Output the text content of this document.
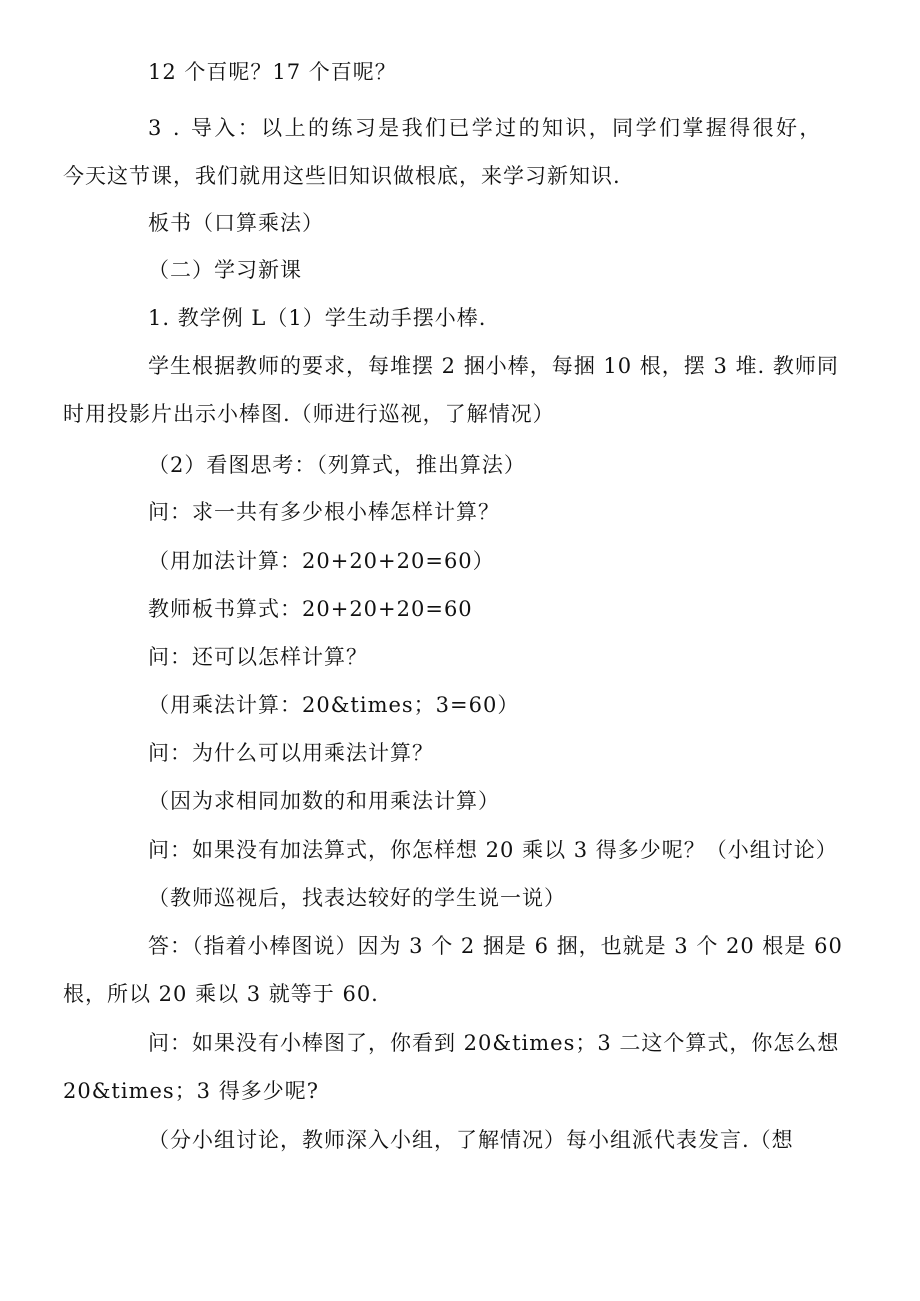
12 个百呢？17 个百呢？
3 . 导入：以上的练习是我们已学过的知识，同学们掌握得很好，
今天这节课，我们就用这些旧知识做根底，来学习新知识.
板书（口算乘法）
（二）学习新课
1. 教学例 L（1）学生动手摆小棒.
学生根据教师的要求，每堆摆 2 捆小棒，每捆 10 根，摆 3 堆. 教师同
时用投影片出示小棒图.（师进行巡视，了解情况）
（2）看图思考：（列算式，推出算法）
问：求一共有多少根小棒怎样计算？
（用加法计算：20+20+20=60）
教师板书算式：20+20+20=60
问：还可以怎样计算？
（用乘法计算：20&times；3=60）
问：为什么可以用乘法计算？
（因为求相同加数的和用乘法计算）
问：如果没有加法算式，你怎样想 20 乘以 3 得多少呢？（小组讨论）
（教师巡视后，找表达较好的学生说一说）
答：（指着小棒图说）因为 3 个 2 捆是 6 捆，也就是 3 个 20 根是 60
根，所以 20 乘以 3 就等于 60.
问：如果没有小棒图了，你看到 20&times；3 二这个算式，你怎么想
20&times；3 得多少呢?
（分小组讨论，教师深入小组，了解情况）每小组派代表发言.（想
